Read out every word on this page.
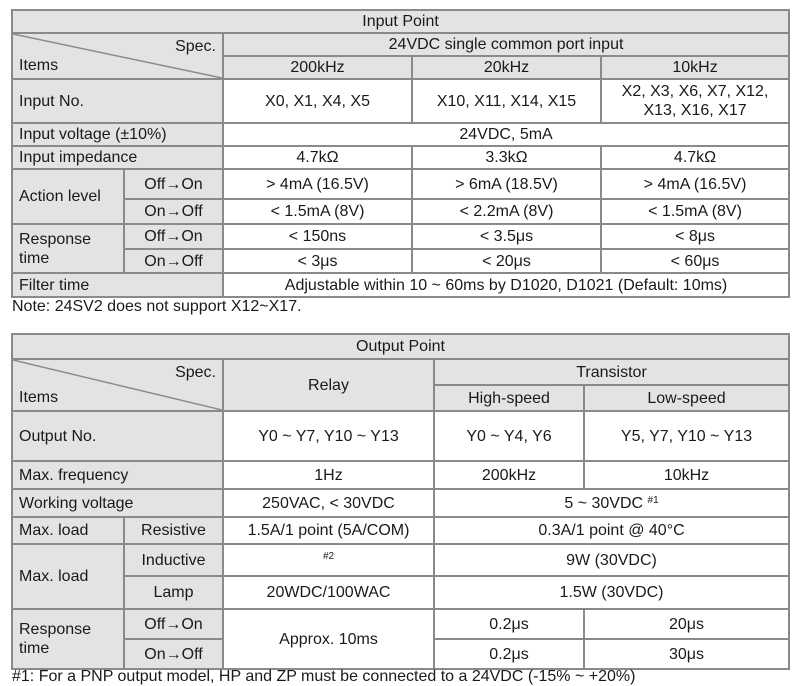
Input Point				

Spec.
Items		24VDC single common port input		
		200kHz	20kHz	10kHz
Input No.		X0, X1, X4, X5	X10, X11, X14, X15	X2, X3, X6, X7, X12,
X13, X16, X17

Input voltage (±10%)		24VDC, 5mA		
Input impedance		4.7kΩ	3.3kΩ	4.7kΩ
Action level	Off→On	> 4mA (16.5V)	> 6mA (18.5V)	> 4mA (16.5V)
	On→Off	< 1.5mA (8V)	< 2.2mA (8V)	< 1.5mA (8V)

Response
time	Off→On	< 150ns	< 3.5μs	< 8μs
	On→Off	< 3μs	< 20μs	< 60μs
Filter time		Adjustable within 10 ~ 60ms by D1020, D1021 (Default: 10ms)		
Note: 24SV2 does not support X12~X17.
Output Point				

Spec.
Items		Relay	Transistor	
			High-speed	Low-speed
Output No.		Y0 ~ Y7, Y10 ~ Y13	Y0 ~ Y4, Y6	Y5, Y7, Y10 ~ Y13
Max. frequency		1Hz	200kHz	10kHz
Working voltage		250VAC, < 30VDC	5 ~ 30VDC $^{\#1}$
Max. load	Resistive	1.5A/1 point (5A/COM)	0.3A/1 point @ 40°C	
Max. load	Inductive	$^{\#2}$	9W (30VDC)	
	Lamp	20WDC/100WAC	1.5W (30VDC)	

Response
time	Off→On	Approx. 10ms	0.2μs	20μs
	On→Off		0.2μs	30μs
#1: For a PNP output model, HP and ZP must be connected to a 24VDC (-15% ~ +20%)
